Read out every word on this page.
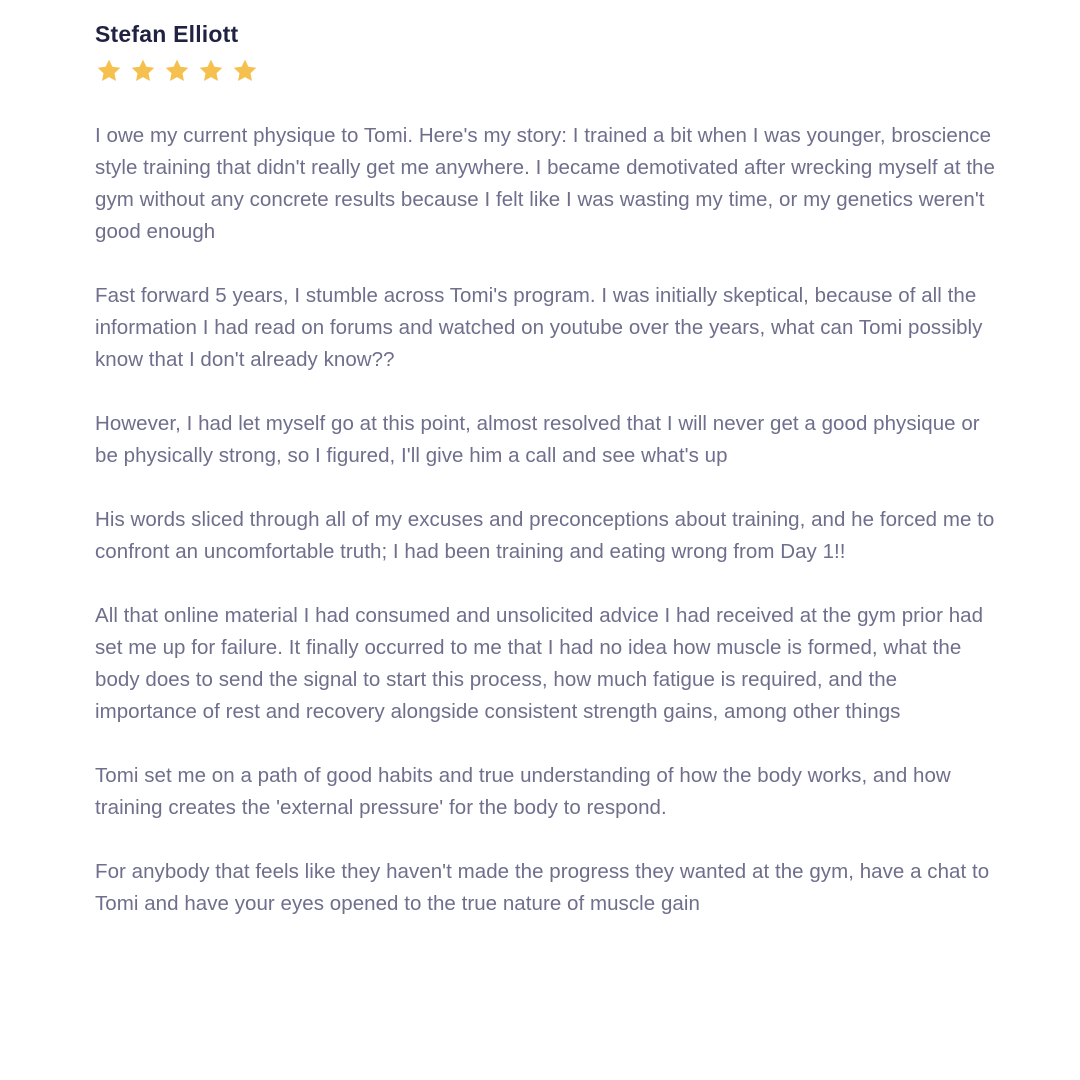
Stefan Elliott

I owe my current physique to Tomi. Here's my story: I trained a bit when I was younger, broscience style training that didn't really get me anywhere. I became demotivated after wrecking myself at the gym without any concrete results because I felt like I was wasting my time, or my genetics weren't good enough

Fast forward 5 years, I stumble across Tomi's program. I was initially skeptical, because of all the information I had read on forums and watched on youtube over the years, what can Tomi possibly know that I don't already know??

However, I had let myself go at this point, almost resolved that I will never get a good physique or be physically strong, so I figured, I'll give him a call and see what's up

His words sliced through all of my excuses and preconceptions about training, and he forced me to confront an uncomfortable truth; I had been training and eating wrong from Day 1!!

All that online material I had consumed and unsolicited advice I had received at the gym prior had set me up for failure. It finally occurred to me that I had no idea how muscle is formed, what the body does to send the signal to start this process, how much fatigue is required, and the importance of rest and recovery alongside consistent strength gains, among other things

Tomi set me on a path of good habits and true understanding of how the body works, and how training creates the 'external pressure' for the body to respond.

For anybody that feels like they haven't made the progress they wanted at the gym, have a chat to Tomi and have your eyes opened to the true nature of muscle gain
